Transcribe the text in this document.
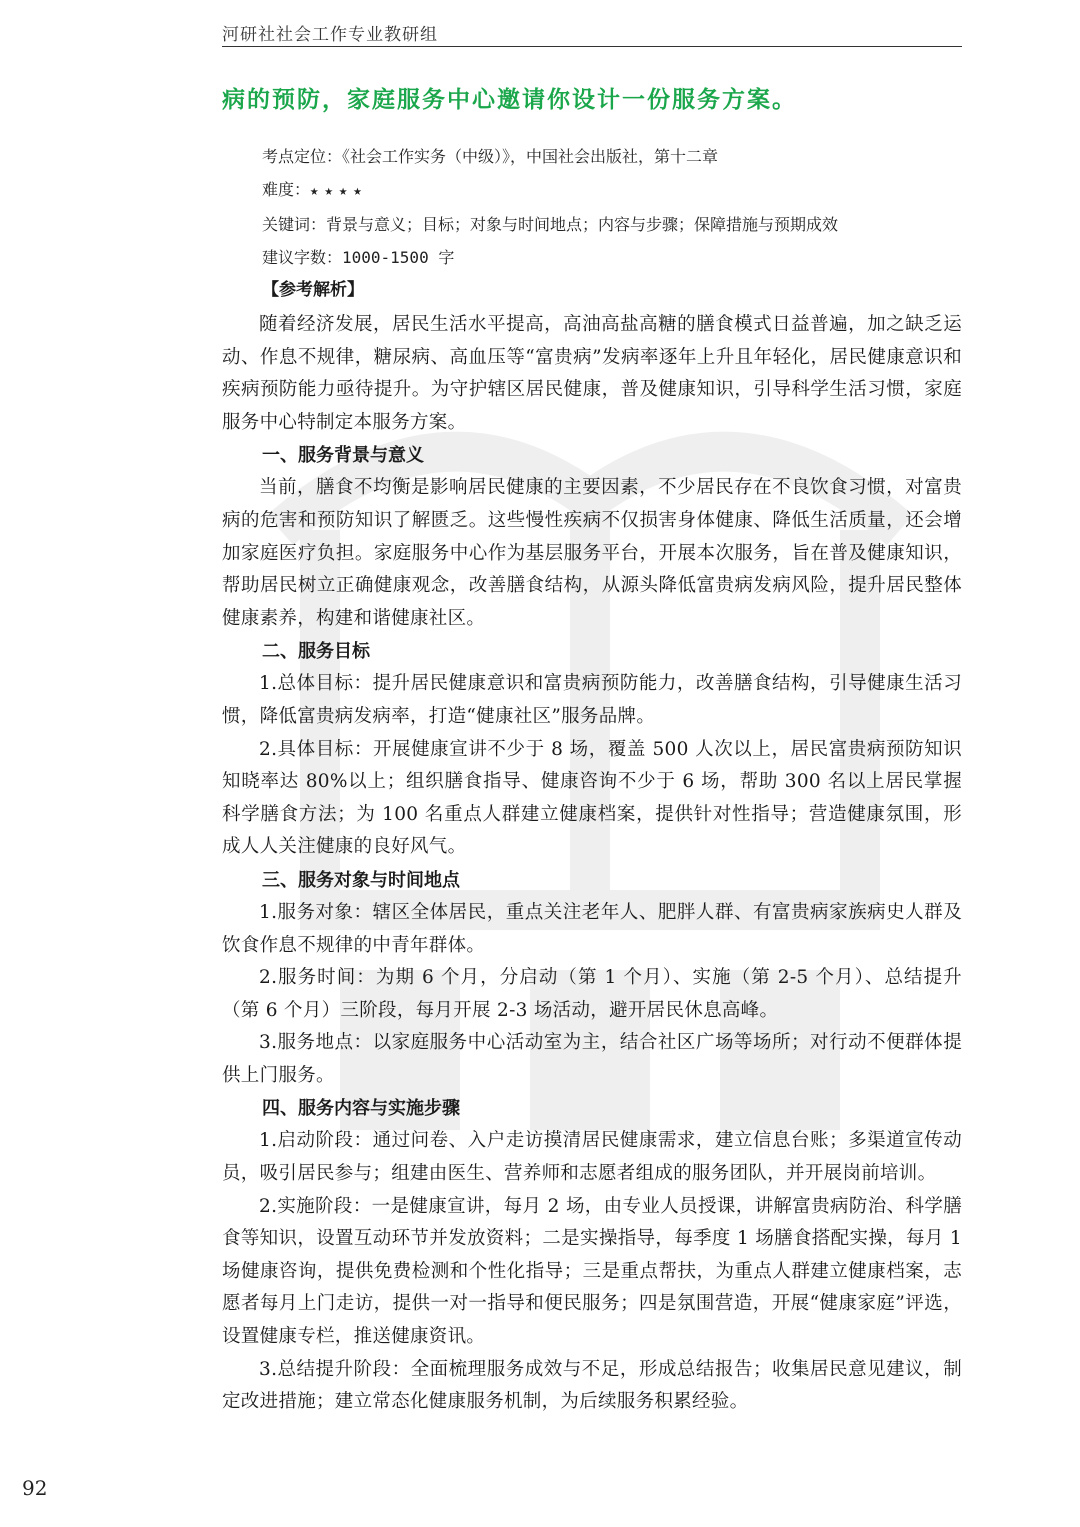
河研社社会工作专业教研组
病的预防，家庭服务中心邀请你设计一份服务方案。
考点定位：《社会工作实务（中级）》，中国社会出版社，第十二章
难度：★★★★
关键词：背景与意义；目标；对象与时间地点；内容与步骤；保障措施与预期成效
建议字数：1000-1500 字
【参考解析】

随着经济发展，居民生活水平提高，高油高盐高糖的膳食模式日益普遍，加之缺乏运动、作息不规律，糖尿病、高血压等“富贵病”发病率逐年上升且年轻化，居民健康意识和疾病预防能力亟待提升。为守护辖区居民健康，普及健康知识，引导科学生活习惯，家庭服务中心特制定本服务方案。

一、服务背景与意义

当前，膳食不均衡是影响居民健康的主要因素，不少居民存在不良饮食习惯，对富贵病的危害和预防知识了解匮乏。这些慢性疾病不仅损害身体健康、降低生活质量，还会增加家庭医疗负担。家庭服务中心作为基层服务平台，开展本次服务，旨在普及健康知识，帮助居民树立正确健康观念，改善膳食结构，从源头降低富贵病发病风险，提升居民整体健康素养，构建和谐健康社区。

二、服务目标

1.总体目标：提升居民健康意识和富贵病预防能力，改善膳食结构，引导健康生活习惯，降低富贵病发病率，打造“健康社区”服务品牌。

2.具体目标：开展健康宣讲不少于 8 场，覆盖 500 人次以上，居民富贵病预防知识知晓率达 80%以上；组织膳食指导、健康咨询不少于 6 场，帮助 300 名以上居民掌握科学膳食方法；为 100 名重点人群建立健康档案，提供针对性指导；营造健康氛围，形成人人关注健康的良好风气。

三、服务对象与时间地点

1.服务对象：辖区全体居民，重点关注老年人、肥胖人群、有富贵病家族病史人群及饮食作息不规律的中青年群体。

2.服务时间：为期 6 个月，分启动（第 1 个月）、实施（第 2-5 个月）、总结提升（第 6 个月）三阶段，每月开展 2-3 场活动，避开居民休息高峰。

3.服务地点：以家庭服务中心活动室为主，结合社区广场等场所；对行动不便群体提供上门服务。

四、服务内容与实施步骤

1.启动阶段：通过问卷、入户走访摸清居民健康需求，建立信息台账；多渠道宣传动员，吸引居民参与；组建由医生、营养师和志愿者组成的服务团队，并开展岗前培训。

2.实施阶段：一是健康宣讲，每月 2 场，由专业人员授课，讲解富贵病防治、科学膳食等知识，设置互动环节并发放资料；二是实操指导，每季度 1 场膳食搭配实操，每月 1 场健康咨询，提供免费检测和个性化指导；三是重点帮扶，为重点人群建立健康档案，志愿者每月上门走访，提供一对一指导和便民服务；四是氛围营造，开展“健康家庭”评选，设置健康专栏，推送健康资讯。

3.总结提升阶段：全面梳理服务成效与不足，形成总结报告；收集居民意见建议，制定改进措施；建立常态化健康服务机制，为后续服务积累经验。

92
